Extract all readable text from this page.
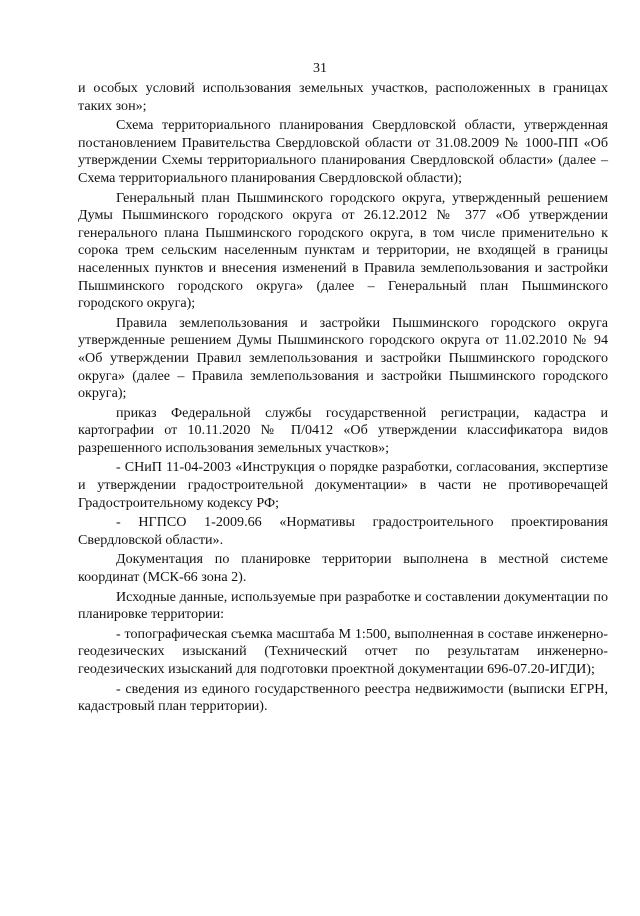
31

и особых условий использования земельных участков, расположенных в границах таких зон»;

Схема территориального планирования Свердловской области, утвержденная постановлением Правительства Свердловской области от 31.08.2009 № 1000-ПП «Об утверждении Схемы территориального планирования Свердловской области» (далее – Схема территориального планирования Свердловской области);

Генеральный план Пышминского городского округа, утвержденный решением Думы Пышминского городского округа от 26.12.2012 № 377 «Об утверждении генерального плана Пышминского городского округа, в том числе применительно к сорока трем сельским населенным пунктам и территории, не входящей в границы населенных пунктов и внесения изменений в Правила землепользования и застройки Пышминского городского округа» (далее – Генеральный план Пышминского городского округа);

Правила землепользования и застройки Пышминского городского округа утвержденные решением Думы Пышминского городского округа от 11.02.2010 № 94 «Об утверждении Правил землепользования и застройки Пышминского городского округа» (далее – Правила землепользования и застройки Пышминского городского округа);

приказ Федеральной службы государственной регистрации, кадастра и картографии от 10.11.2020 № П/0412 «Об утверждении классификатора видов разрешенного использования земельных участков»;

- СНиП 11-04-2003 «Инструкция о порядке разработки, согласования, экспертизе и утверждении градостроительной документации» в части не противоречащей Градостроительному кодексу РФ;

- НГПСО 1-2009.66 «Нормативы градостроительного проектирования Свердловской области».

Документация по планировке территории выполнена в местной системе координат (МСК-66 зона 2).

Исходные данные, используемые при разработке и составлении документации по планировке территории:

- топографическая съемка масштаба М 1:500, выполненная в составе инженерно-геодезических изысканий (Технический отчет по результатам инженерно-геодезических изысканий для подготовки проектной документации 696-07.20-ИГДИ);

- сведения из единого государственного реестра недвижимости (выписки ЕГРН, кадастровый план территории).
